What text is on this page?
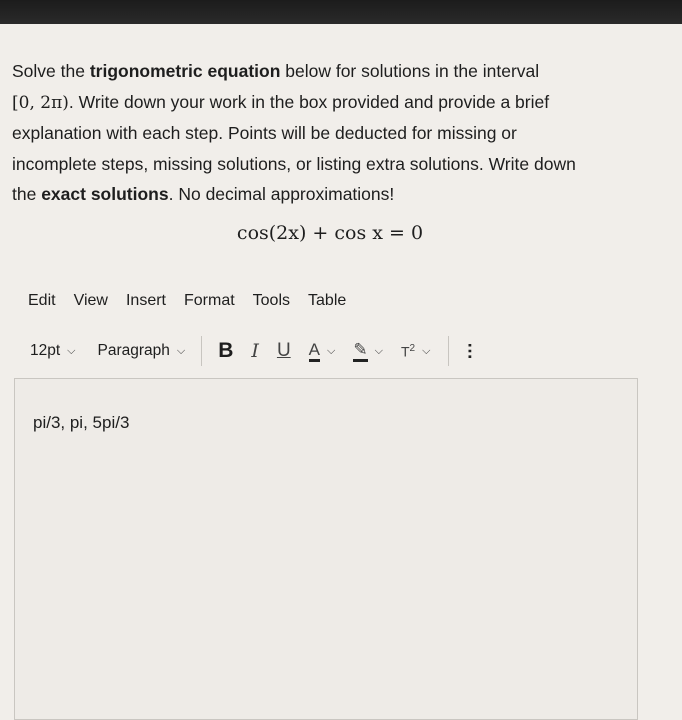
Solve the trigonometric equation below for solutions in the interval

[0, 2π). Write down your work in the box provided and provide a brief

explanation with each step. Points will be deducted for missing or

incomplete steps, missing solutions, or listing extra solutions. Write down

the exact solutions. No decimal approximations!

cos(2x) + cos x = 0
Edit View Insert Format Tools Table
12pt ⌵ Paragraph ⌵ B I U A ⌵ ✎ ⌵ $T^2$ ⌵ …
pi/3, pi, 5pi/3
